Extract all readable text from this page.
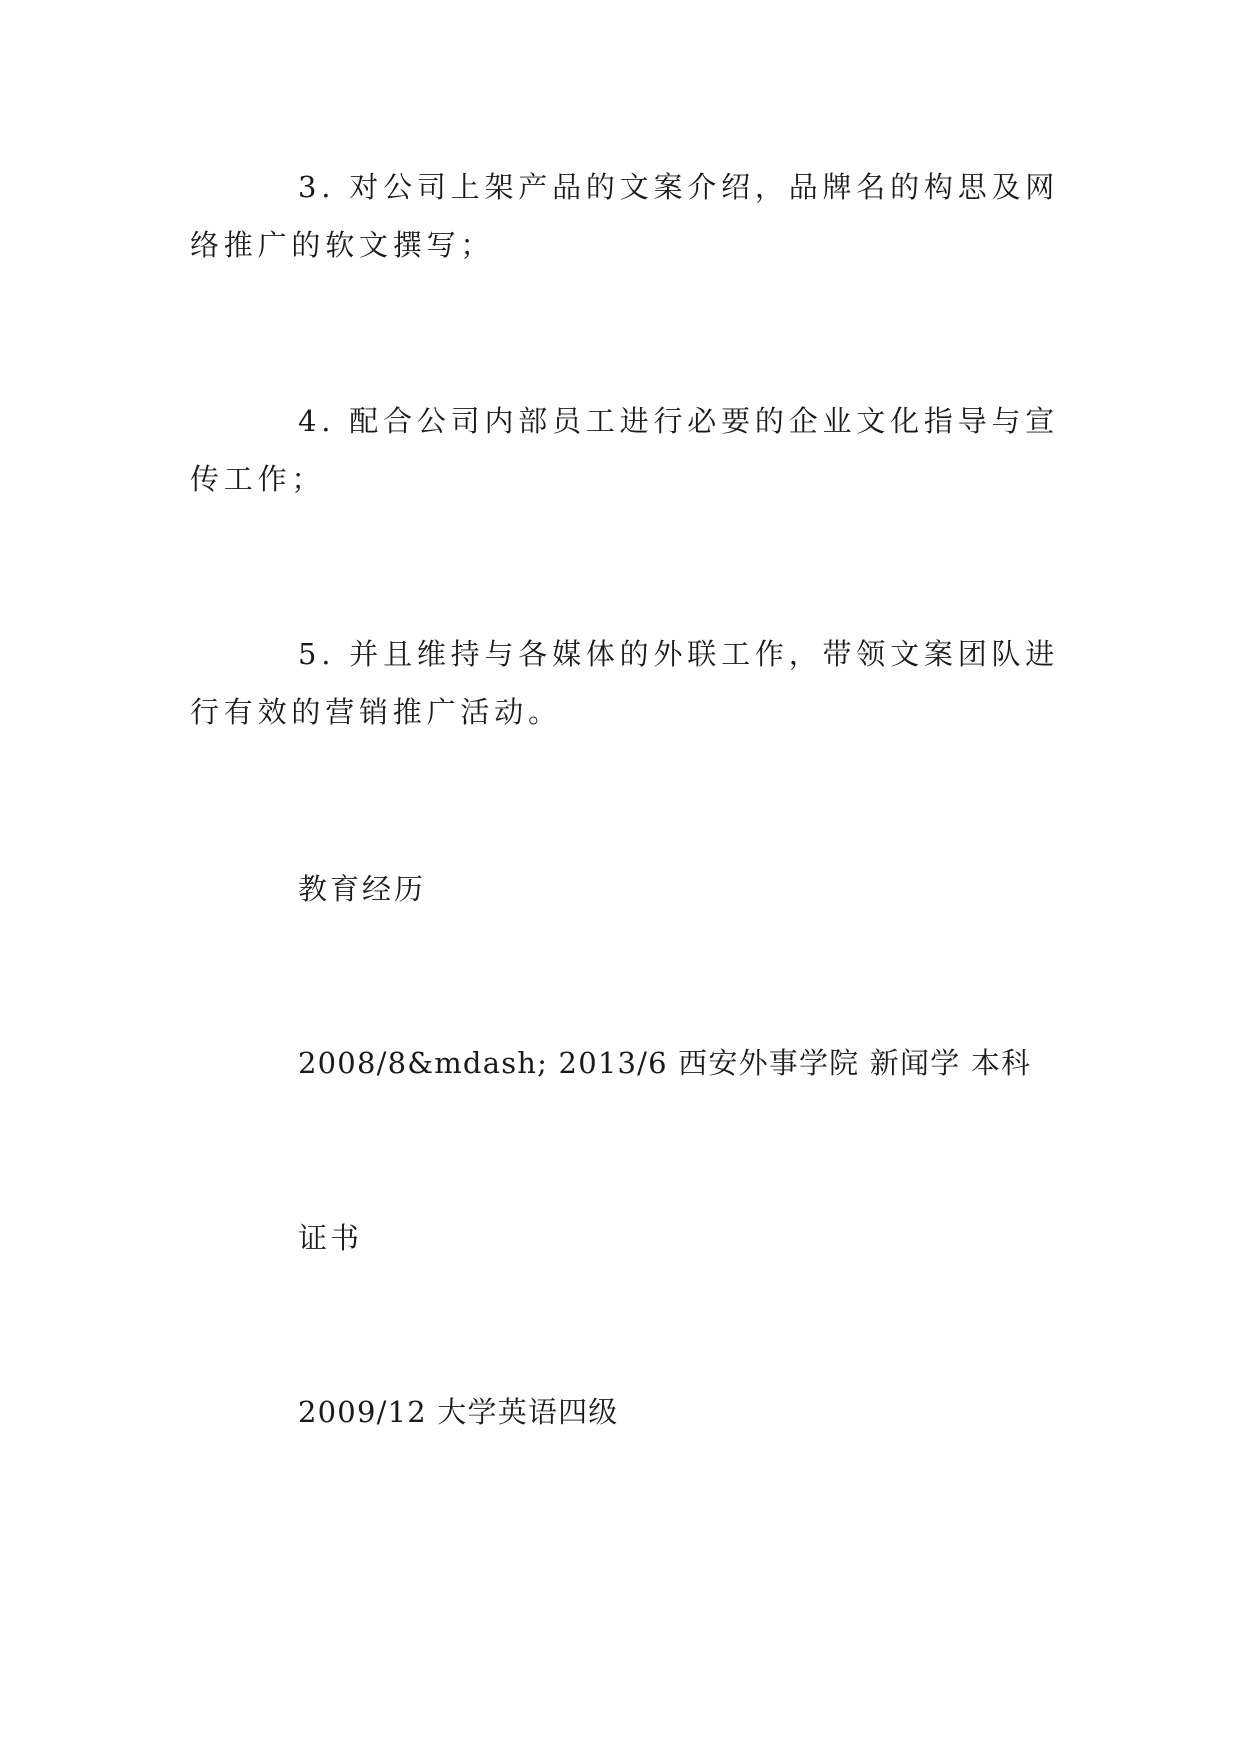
3. 对公司上架产品的文案介绍，品牌名的构思及网
络推广的软文撰写；
4. 配合公司内部员工进行必要的企业文化指导与宣
传工作；
5. 并且维持与各媒体的外联工作，带领文案团队进
行有效的营销推广活动。

教育经历

2008/8&mdash; 2013/6 西安外事学院 新闻学 本科

证书

2009/12 大学英语四级
